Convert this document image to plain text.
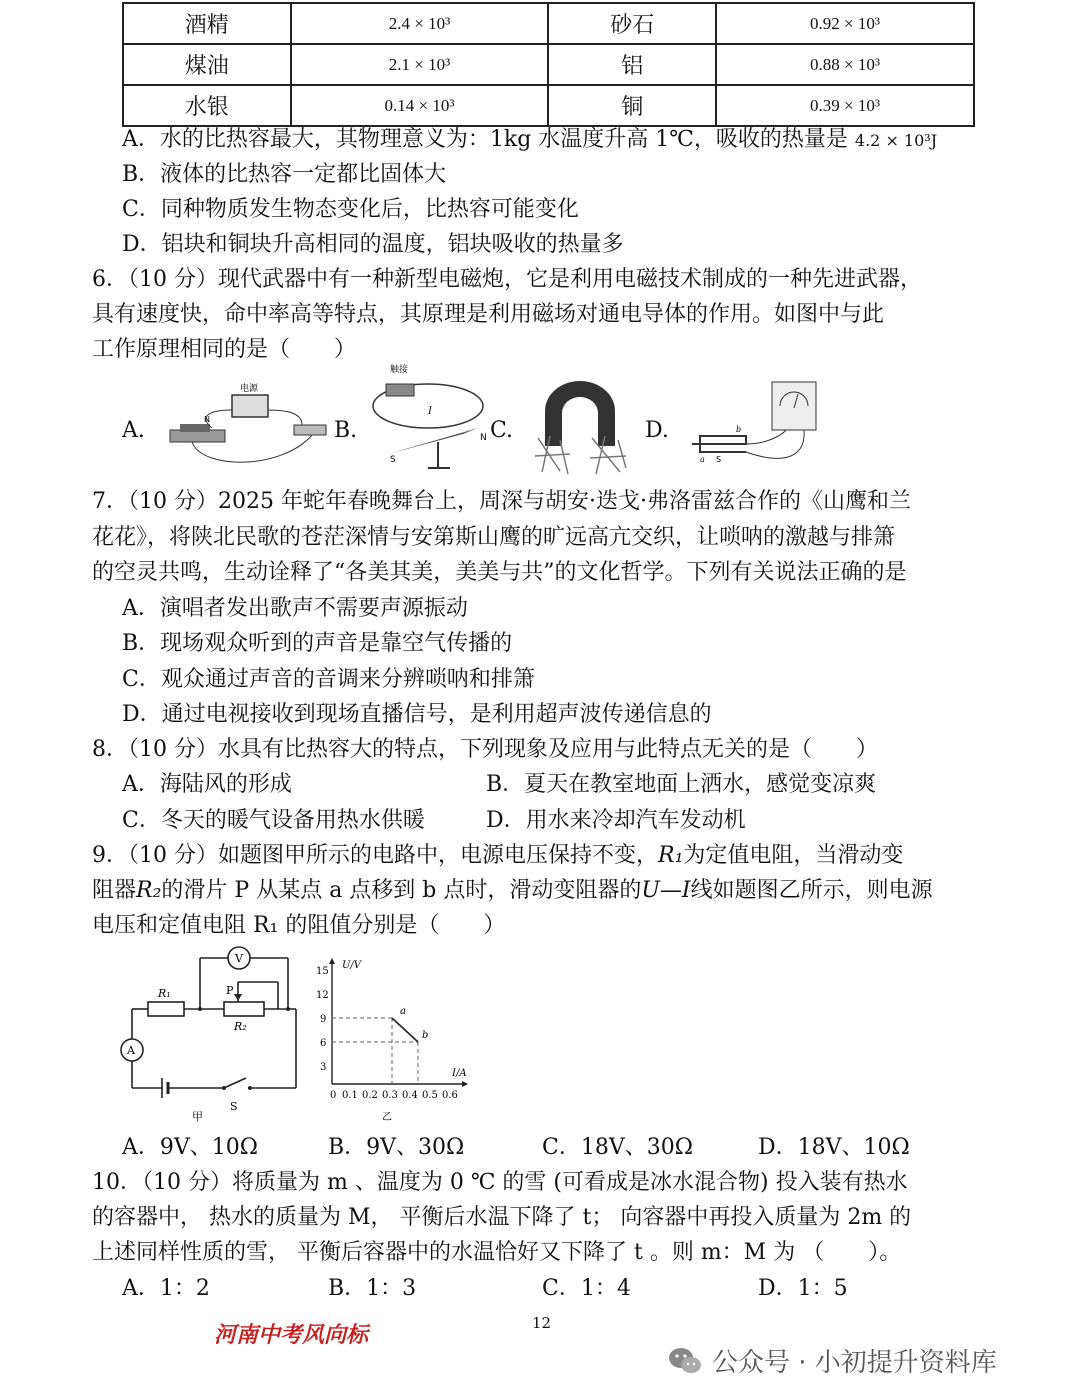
酒精	2.4 × 10³	砂石	0.92 × 10³
煤油	2.1 × 10³	铝	0.88 × 10³
水银	0.14 × 10³	铜	0.39 × 10³
A．水的比热容最大，其物理意义为：1kg 水温度升高 1℃，吸收的热量是 4.2 × 10³J
B．液体的比热容一定都比固体大
C．同种物质发生物态变化后，比热容可能变化
D．铝块和铜块升高相同的温度，铝块吸收的热量多
6．（10 分）现代武器中有一种新型电磁炮，它是利用电磁技术制成的一种先进武器，
具有速度快，命中率高等特点，其原理是利用磁场对通电导体的作用。如图中与此
工作原理相同的是（　　）
A.
电源
N	B.
触接
I
S
N C.	D.	b
a S
7．（10 分）2025 年蛇年春晚舞台上，周深与胡安·迭戈·弗洛雷兹合作的《山鹰和兰
花花》，将陕北民歌的苍茫深情与安第斯山鹰的旷远高亢交织，让唢呐的激越与排箫
的空灵共鸣，生动诠释了“各美其美，美美与共”的文化哲学。下列有关说法正确的是
A．演唱者发出歌声不需要声源振动
B．现场观众听到的声音是靠空气传播的
C．观众通过声音的音调来分辨唢呐和排箫
D．通过电视接收到现场直播信号，是利用超声波传递信息的
8．（10 分）水具有比热容大的特点，下列现象及应用与此特点无关的是（　　）
A．海陆风的形成	B．夏天在教室地面上洒水，感觉变凉爽
C．冬天的暖气设备用热水供暖	D．用水来冷却汽车发动机
9．（10 分）如题图甲所示的电路中，电源电压保持不变，R₁为定值电阻，当滑动变
阻器R₂的滑片 P 从某点 a 点移到 b 点时，滑动变阻器的U—I线如题图乙所示，则电源
电压和定值电阻 R₁ 的阻值分别是（　　）
V
A
R₁
R₂
P
S
甲
U/V
I/A
15
12
9
6
3
0 0.1 0.2 0.3 0.4 0.5 0.6
a
b
乙
A．9V、10Ω	B．9V、30Ω	C．18V、30Ω	D．18V、10Ω
10．（10 分）将质量为 m 、温度为 0 ℃ 的雪 (可看成是冰水混合物) 投入装有热水
的容器中， 热水的质量为 M， 平衡后水温下降了 t； 向容器中再投入质量为 2m 的
上述同样性质的雪， 平衡后容器中的水温恰好又下降了 t 。则 m：M 为 （　　）。
A．1：2	B．1：3	C．1：4	D．1：5
河南中考风向标	12
公众号 · 小初提升资料库
